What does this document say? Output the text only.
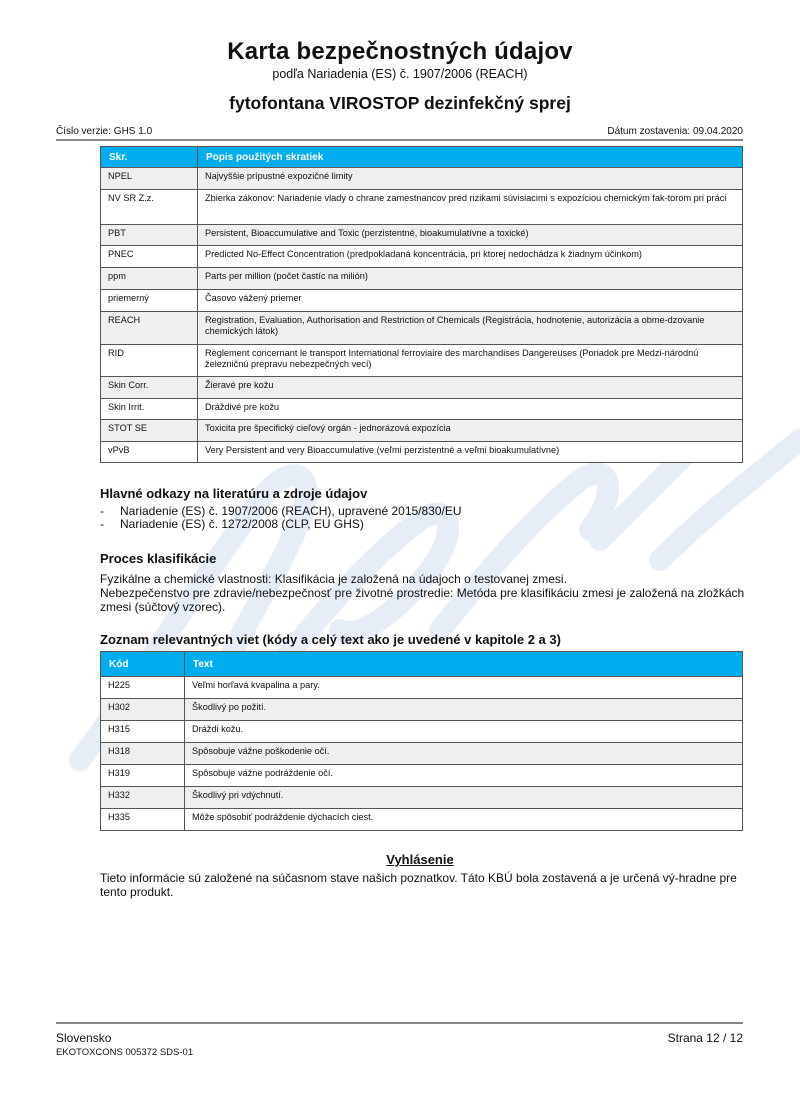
Karta bezpečnostných údajov
podľa Nariadenia (ES) č. 1907/2006 (REACH)
fytofontana VIROSTOP dezinfekčný sprej
Číslo verzie: GHS 1.0	Dátum zostavenia: 09.04.2020
Skr.	Popis použitých skratiek
NPEL	Najvyššie prípustné expozičné limity
NV SR Z.z.	Zbierka zákonov: Nariadenie vlady o chrane zamestnancov pred rizikami súvisiacimi s expozíciou chemickým fak-torom pri práci
PBT	Persistent, Bioaccumulative and Toxic (perzistentné, bioakumulatívne a toxické)
PNEC	Predicted No-Effect Concentration (predpokladaná koncentrácia, pri ktorej nedochádza k žiadnym účinkom)
ppm	Parts per million (počet častíc na milión)
priemerný	Časovo vážený priemer
REACH	Registration, Evaluation, Authorisation and Restriction of Chemicals (Registrácia, hodnotenie, autorizácia a obme-dzovanie chemických látok)
RID	Règlement concernant le transport International ferroviaire des marchandises Dangereuses (Poriadok pre Medzi-národnú železničnú prepravu nebezpečných vecí)
Skin Corr.	Žieravé pre kožu
Skin Irrit.	Dráždivé pre kožu
STOT SE	Toxicita pre špecifický cieľový orgán - jednorázová expozícia
vPvB	Very Persistent and very Bioaccumulative (veľmi perzistentné a veľmi bioakumulatívne)
Hlavné odkazy na literatúru a zdroje údajov
- Nariadenie (ES) č. 1907/2006 (REACH), upravené 2015/830/EU
- Nariadenie (ES) č. 1272/2008 (CLP, EU GHS)
Proces klasifikácie
Fyzikálne a chemické vlastnosti: Klasifikácia je založená na údajoch o testovanej zmesi.
Nebezpečenstvo pre zdravie/nebezpečnosť pre životné prostredie: Metóda pre klasifikáciu zmesi je založená na zložkách zmesi (súčtový vzorec).
Zoznam relevantných viet (kódy a celý text ako je uvedené v kapitole 2 a 3)
Kód	Text
H225	Veľmi horľavá kvapalina a pary.
H302	Škodlivý po požití.
H315	Dráždi kožu.
H318	Spôsobuje vážne poškodenie očí.
H319	Spôsobuje vážne podráždenie očí.
H332	Škodlivý pri vdýchnutí.
H335	Môže spôsobiť podráždenie dýchacích ciest.
Vyhlásenie
Tieto informácie sú založené na súčasnom stave našich poznatkov. Táto KBÚ bola zostavená a je určená vý-hradne pre tento produkt.
Slovensko
EKOTOXCONS 005372 SDS-01
Strana 12 / 12
